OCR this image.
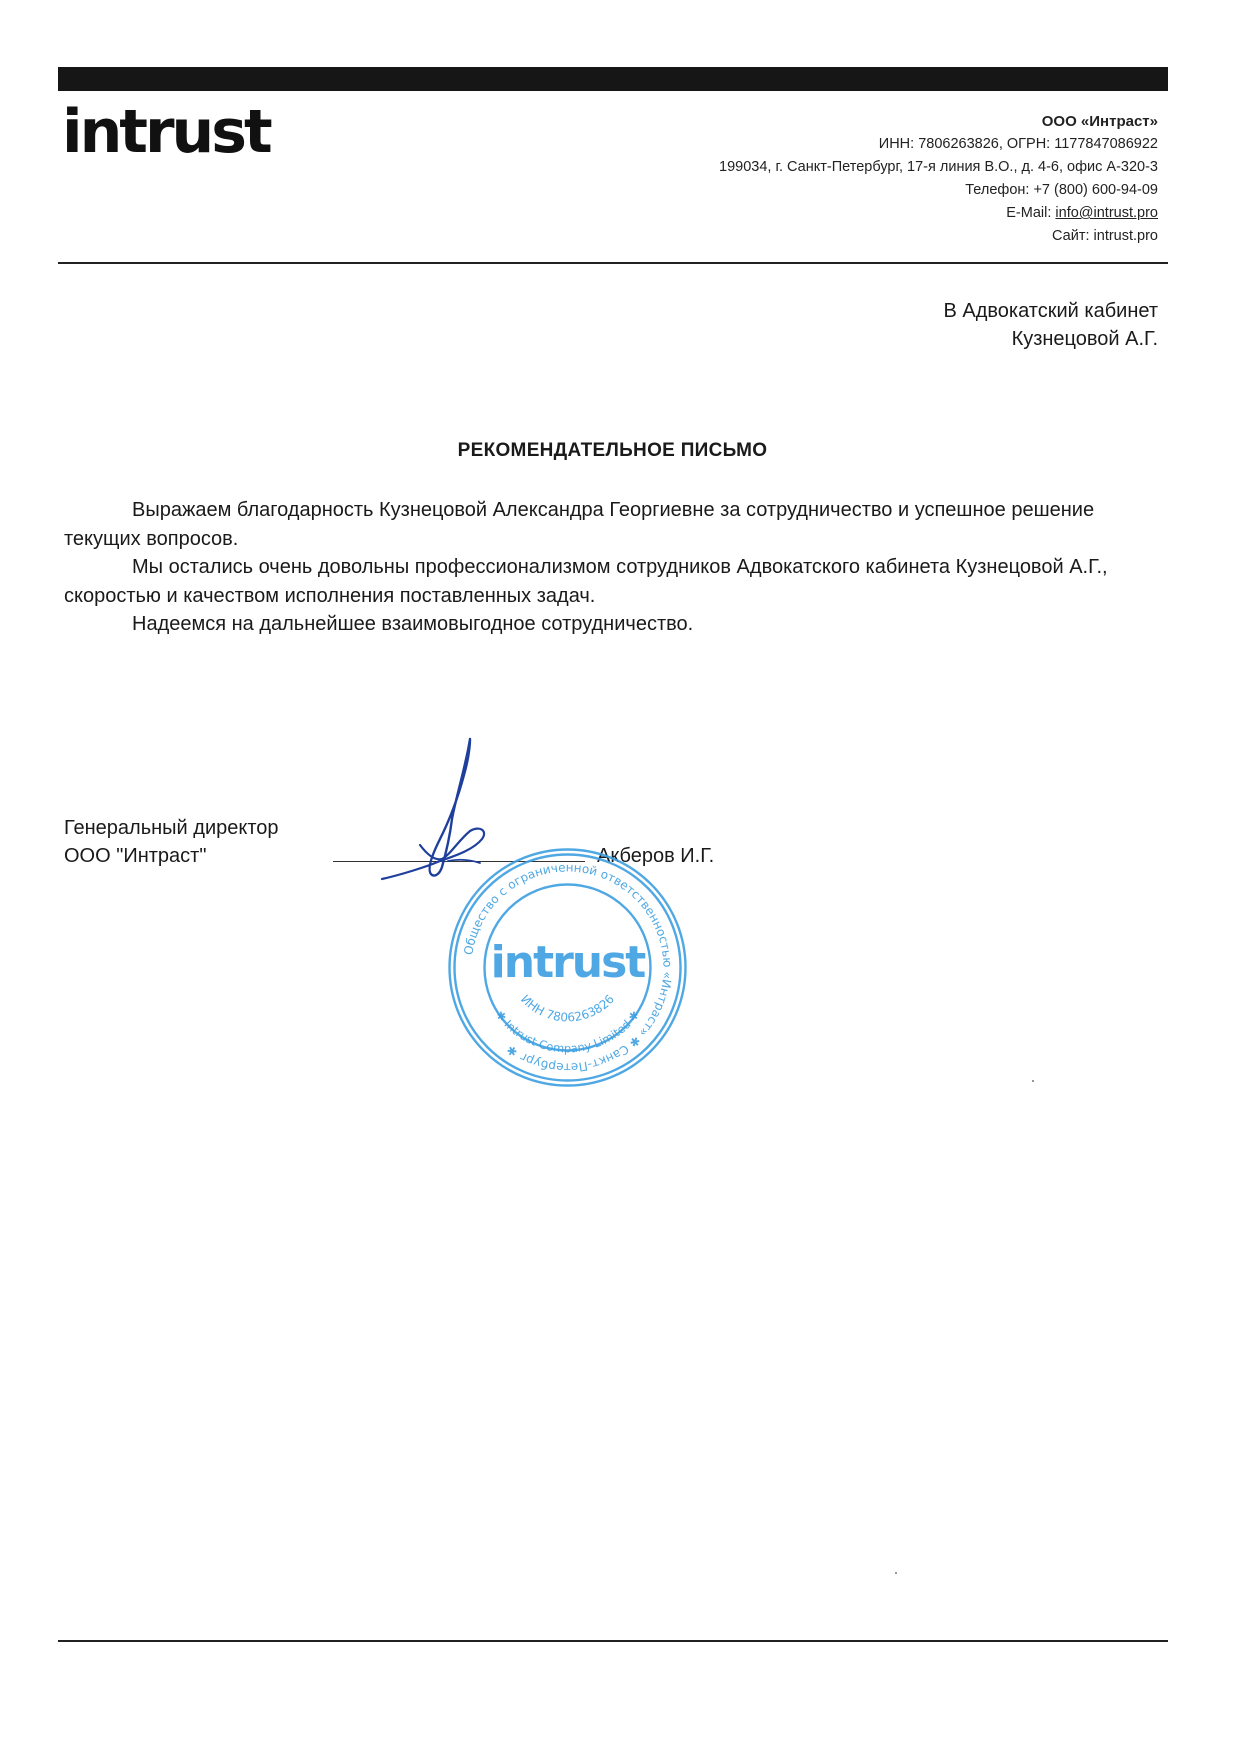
intrust	ООО «Интраст»
ИНН: 7806263826, ОГРН: 1177847086922
199034, г. Санкт-Петербург, 17-я линия В.О., д. 4-6, офис А-320-3
Телефон: +7 (800) 600-94-09
E-Mail: info@intrust.pro
Сайт: intrust.pro
В Адвокатский кабинет
Кузнецовой А.Г.
РЕКОМЕНДАТЕЛЬНОЕ ПИСЬМО

Выражаем благодарность Кузнецовой Александра Георгиевне за сотрудничество и успешное решение текущих вопросов.

Мы остались очень довольны профессионализмом сотрудников Адвокатского кабинета Кузнецовой А.Г., скоростью и качеством исполнения поставленных задач.

Надеемся на дальнейшее взаимовыгодное сотрудничество.

Генеральный директор
ООО "Интраст"	Акберов И.Г.
Общество с ограниченной ответственностью «Интраст» ✱ Санкт-Петербург ✱
✱ Intrust Company Limited ✱
intrust
ИНН 7806263826
